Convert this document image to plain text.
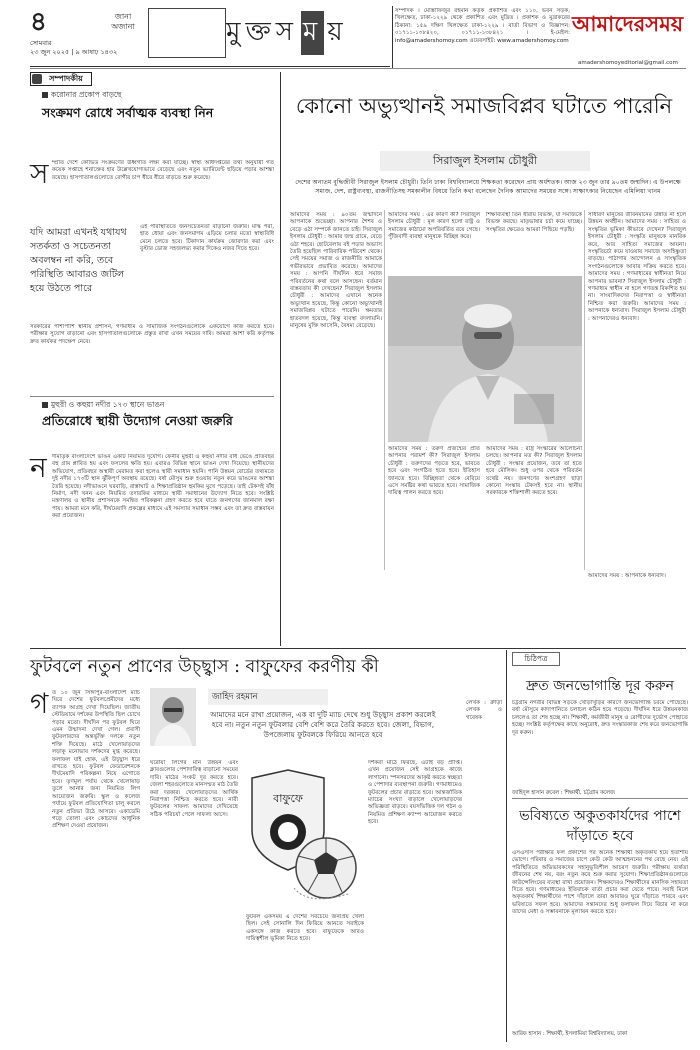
৪
সোমবার
২৩ জুন ২০২৫ | ৯ আষাঢ় ১৪৩২
জানা
অজানা	মু ক্ত স ম য়
সম্পাদক । মোস্তাফিজুর রহমান কর্তৃক প্রকাশিত এবং ১১০, ভবন সড়ক, খিলক্ষেত, ঢাকা-১২২৯ থেকে প্রকাশিত এবং মুদ্রিত । প্রকাশক ও মুদ্রাকরের ঠিকানা: ১৫৯ দক্ষিণ খিলক্ষেত ঢাকা-১২২৯ । বার্তা বিভাগ ও বিজ্ঞাপন: ০১৭১১-১৩৮৪২০, ০১৭১১-১৩৮৪২১ । ই-মেইল: info@amadershomoy.com ওয়েবসাইট: www.amadershomoy.com
আমাদেরসময়
amadershomoyeditorial@gmail.com
সম্পাদকীয়
করোনার প্রকোপ বাড়ছে
সংক্রমণ রোধে সর্বাত্মক ব্যবস্থা নিন
স ম্প্রতি দেশে কোভিড সংক্রমণের ঊর্ধ্বগতি লক্ষ্য করা যাচ্ছে। স্বাস্থ্য অধিদপ্তরের তথ্য অনুযায়ী গত কয়েক সপ্তাহে শনাক্তের হার উল্লেখযোগ্যভাবে বেড়েছে এবং নতুন ভ্যারিয়েন্ট ছড়িয়ে পড়ার আশঙ্কা রয়েছে। হাসপাতালগুলোতে রোগীর চাপ ধীরে ধীরে বাড়তে শুরু করেছে।
যদি আমরা এখনই যথাযথ সতর্কতা ও সচেতনতা অবলম্বন না করি, তবে পরিস্থিতি আবারও জটিল হয়ে উঠতে পারে
এই পরিস্থিতিতে জনসচেতনতা বাড়ানো জরুরি। মাস্ক পরা, হাত ধোয়া এবং জনসমাগম এড়িয়ে চলার মতো স্বাস্থ্যবিধি মেনে চলতে হবে। টিকাদান কার্যক্রম জোরদার করা এবং বুস্টার ডোজ সহজলভ্য করার দিকেও নজর দিতে হবে।
সরকারের পাশাপাশি স্থানীয় প্রশাসন, গণমাধ্যম ও সামাজিক সংগঠনগুলোকে একযোগে কাজ করতে হবে। পরীক্ষার সুযোগ বাড়ানো এবং হাসপাতালগুলোকে প্রস্তুত রাখা এখন সময়ের দাবি। আমরা আশা করি কর্তৃপক্ষ দ্রুত কার্যকর পদক্ষেপ নেবে।
মুহুরী ও কহুয়া নদীর ১৭৩ স্থানে ভাঙন
প্রতিরোধে স্থায়ী উদ্যোগ নেওয়া জরুরি
ন দীমাতৃক বাংলাদেশে ভাঙন একটি নিয়মিত দুর্যোগ। ফেনীর মুহুরী ও কহুয়া নদীর বাঁধ ভেঙে প্রতিবছর বহু গ্রাম প্লাবিত হয় এবং ফসলের ক্ষতি হয়। এবারও বিভিন্ন স্থানে ভাঙন দেখা দিয়েছে। স্থানীয়দের অভিযোগ, প্রতিবছর অস্থায়ী মেরামত করা হলেও স্থায়ী সমাধান হয়নি। পানি উন্নয়ন বোর্ডের তথ্যমতে দুই নদীর ১৭৩টি স্থান ঝুঁকিপূর্ণ অবস্থায় রয়েছে। বর্ষা মৌসুম শুরু হওয়ায় নতুন করে ভাঙনের আশঙ্কা তৈরি হয়েছে। নদীভাঙনে ঘরবাড়ি, রাস্তাঘাট ও শিক্ষাপ্রতিষ্ঠান হুমকির মুখে পড়েছে। তাই টেকসই বাঁধ নির্মাণ, নদী খনন এবং নিয়মিত তদারকির মাধ্যমে স্থায়ী সমাধানের উদ্যোগ নিতে হবে। সংশ্লিষ্ট মন্ত্রণালয় ও স্থানীয় প্রশাসনকে সমন্বিত পরিকল্পনা গ্রহণ করতে হবে যাতে জনগণের জানমাল রক্ষা পায়। আমরা মনে করি, দীর্ঘমেয়াদি প্রকল্পের মাধ্যমে এই সমস্যার সমাধান সম্ভব এবং তা দ্রুত বাস্তবায়ন করা প্রয়োজন।
কোনো অভ্যুত্থানই সমাজবিপ্লব ঘটাতে পারেনি
সিরাজুল ইসলাম চৌধুরী
দেশের অন্যতম বুদ্ধিজীবী সিরাজুল ইসলাম চৌধুরী। তিনি ঢাকা বিশ্ববিদ্যালয়ে শিক্ষকতা করেছেন প্রায় অর্ধশতক। আজ ২৩ জুন তার ৯০তম জন্মদিন। এ উপলক্ষে সমাজ, দেশ, রাষ্ট্রব্যবস্থা, রাজনীতিসহ সমকালীন বিষয়ে তিনি কথা বলেছেন দৈনিক আমাদের সময়ের সঙ্গে। সাক্ষাৎকার নিয়েছেন এমিলিয়া খানম
আমাদের সময় : ৯০তম জন্মদিনে আপনাকে শুভেচ্ছা। আপনার শৈশব ও বেড়ে ওঠা সম্পর্কে জানতে চাই। সিরাজুল ইসলাম চৌধুরী : আমার জন্ম গ্রামে, বেড়ে ওঠা শহরে। ছোটবেলায় বই পড়ার অভ্যাস তৈরি হয়েছিল পারিবারিক পরিবেশ থেকে। সেই সময়ের সমাজ ও রাজনীতি আমাকে গভীরভাবে প্রভাবিত করেছে। আমাদের সময় : আপনি দীর্ঘদিন ধরে সমাজ পরিবর্তনের কথা বলে আসছেন। বর্তমান বাস্তবতায় কী দেখছেন? সিরাজুল ইসলাম চৌধুরী : আমাদের এখানে অনেক অভ্যুত্থান হয়েছে, কিন্তু কোনো অভ্যুত্থানই সমাজবিপ্লব ঘটাতে পারেনি। ক্ষমতার হাতবদল হয়েছে, কিন্তু ব্যবস্থা বদলায়নি। মানুষের মুক্তি আসেনি, বৈষম্য বেড়েছে।
আমাদের সময় : এর কারণ কী? সিরাজুল ইসলাম চৌধুরী : মূল কারণ হলো রাষ্ট্র ও সমাজের কাঠামো অপরিবর্তিত রয়ে গেছে। পুঁজিবাদী ব্যবস্থা মানুষকে বিচ্ছিন্ন করে।
শিক্ষাব্যবস্থা তিন ধারায় বিভক্ত, যা সমাজকে বিভক্ত করছে। মাতৃভাষার চর্চা কমে যাচ্ছে। সংস্কৃতির ক্ষেত্রেও আমরা পিছিয়ে পড়ছি।
আমাদের সময় : তরুণ প্রজন্মের প্রতি আপনার পরামর্শ কী? সিরাজুল ইসলাম চৌধুরী : তরুণদের পড়তে হবে, ভাবতে হবে এবং সংগঠিত হতে হবে। ইতিহাস জানতে হবে। বিচ্ছিন্নতা থেকে বেরিয়ে এসে সমষ্টির কথা ভাবতে হবে। সামাজিক দায়িত্ব পালন করতে হবে।
আমাদের সময় : রাষ্ট্র সংস্কারের আলোচনা চলছে। আপনার মত কী? সিরাজুল ইসলাম চৌধুরী : সংস্কার প্রয়োজন, তবে তা হতে হবে মৌলিক। শুধু ওপর থেকে পরিবর্তন যথেষ্ট নয়। জনগণের অংশগ্রহণ ছাড়া কোনো সংস্কার টেকসই হবে না। স্থানীয় সরকারকে শক্তিশালী করতে হবে।
সাধারণ মানুষের জীবনমানের উন্নতি না হলে উন্নয়ন অর্থহীন। আমাদের সময় : সাহিত্য ও সংস্কৃতির ভূমিকা কীভাবে দেখেন? সিরাজুল ইসলাম চৌধুরী : সংস্কৃতি মানুষকে মানবিক করে, আর সাহিত্য সমাজের আয়না। সংস্কৃতিচর্চা কমে যাওয়ায় সমাজে অসহিষ্ণুতা বাড়ছে। পাঠাগার আন্দোলন ও সাংস্কৃতিক সংগঠনগুলোকে আবার সক্রিয় করতে হবে। আমাদের সময় : গণমাধ্যমের স্বাধীনতা নিয়ে আপনার ভাবনা? সিরাজুল ইসলাম চৌধুরী : গণমাধ্যম স্বাধীন না হলে গণতন্ত্র বিকশিত হয় না। সাংবাদিকদের নিরাপত্তা ও স্বাধীনতা নিশ্চিত করা জরুরি। আমাদের সময় : আপনাকে ধন্যবাদ। সিরাজুল ইসলাম চৌধুরী : আপনাদেরও ধন্যবাদ।
আমাদের সময় : আপনাকে ধন্যবাদ।
ফুটবলে নতুন প্রাণের উচ্ছ্বাস : বাফুফের করণীয় কী
জাহিদ রহমান
আমাদের মনে রাখা প্রয়োজন, এক বা দুটি ম্যাচ দেখে শুধু উচ্ছ্বাস প্রকাশ করলেই হবে না। নতুন নতুন ফুটবলার বেশি বেশি করে তৈরি করতে হবে। জেলা, বিভাগ, উপজেলায় ফুটবলকে ফিরিয়ে আনতে হবে
গ ত ১০ জুন সিঙ্গাপুর-বাংলাদেশ ম্যাচ ঘিরে দেশের ফুটবলপ্রেমীদের মধ্যে ব্যাপক আগ্রহ দেখা দিয়েছিল। জাতীয় স্টেডিয়ামে দর্শকের উপস্থিতি ছিল চোখে পড়ার মতো। দীর্ঘদিন পর ফুটবল ঘিরে এমন উন্মাদনা দেখা গেল। প্রবাসী ফুটবলারদের অন্তর্ভুক্তি দলকে নতুন শক্তি দিয়েছে। মাঠে খেলোয়াড়দের লড়াকু মনোভাব দর্শকদের মুগ্ধ করেছে। ফলাফল যাই হোক, এই উচ্ছ্বাস ধরে রাখতে হবে। ফুটবল ফেডারেশনকে দীর্ঘমেয়াদি পরিকল্পনা নিয়ে এগোতে হবে। তৃণমূল পর্যায় থেকে খেলোয়াড় তুলে আনার জন্য নিয়মিত লিগ আয়োজন জরুরি। স্কুল ও কলেজ পর্যায়ে ফুটবল প্রতিযোগিতা চালু করলে নতুন প্রতিভা উঠে আসবে। একাডেমি গড়ে তোলা এবং কোচদের আধুনিক প্রশিক্ষণ দেওয়া প্রয়োজন।
ঘরোয়া লিগের মান উন্নয়ন এবং ক্লাবগুলোর পেশাদারিত্ব বাড়ানো সময়ের দাবি। মাঠের সংকট দূর করতে হবে। জেলা শহরগুলোতে মানসম্মত মাঠ তৈরি করা দরকার। খেলোয়াড়দের আর্থিক নিরাপত্তা নিশ্চিত করতে হবে। নারী ফুটবলের সাফল্য আমাদের দেখিয়েছে সঠিক পরিচর্যা পেলে সাফল্য আসে।
বাফুফে
দর্শকরা মাঠে ফিরছে, এটাই বড় প্রাপ্তি। এখন প্রয়োজন সেই আগ্রহকে কাজে লাগানো। স্পনসরদের আকৃষ্ট করতে স্বচ্ছতা ও পেশাদার ব্যবস্থাপনা জরুরি। গণমাধ্যমেও ফুটবলের প্রচার বাড়াতে হবে। আন্তর্জাতিক ম্যাচের সংখ্যা বাড়ালে খেলোয়াড়দের অভিজ্ঞতা বাড়বে। বয়সভিত্তিক দল গঠন ও নিয়মিত প্রশিক্ষণ ক্যাম্প আয়োজন করতে হবে।
ফুটবল একসময় এ দেশের সবচেয়ে জনপ্রিয় খেলা ছিল। সেই সোনালি দিন ফিরিয়ে আনতে সবাইকে একসঙ্গে কাজ করতে হবে। বাফুফেকে আরও দায়িত্বশীল ভূমিকা নিতে হবে।
লেখক : ক্রীড়া লেখক ও গবেষক
চিঠিপত্র
দ্রুত জনভোগান্তি দূর করুন
চট্টগ্রাম নগরীর বিভিন্ন সড়কে খোঁড়াখুঁড়ির কারণে জনভোগান্তি চরমে পৌঁছেছে। বর্ষা মৌসুমে কাদাপানিতে চলাচল কঠিন হয়ে পড়েছে। দীর্ঘদিন ধরে উন্নয়নকাজ চললেও তা শেষ হচ্ছে না। শিক্ষার্থী, কর্মজীবী মানুষ ও রোগীদের দুর্ভোগ পোহাতে হচ্ছে। সংশ্লিষ্ট কর্তৃপক্ষের কাছে অনুরোধ, দ্রুত সংস্কারকাজ শেষ করে জনভোগান্তি দূর করুন।
জাহিদুল হাসান রুবেল : শিক্ষার্থী, চট্টগ্রাম কলেজ
ভবিষ্যতে অকুতকার্যদের পাশে দাঁড়াতে হবে
এসএসসি পরীক্ষার ফল প্রকাশের পর অনেক শিক্ষার্থী অকৃতকার্য হয়ে হতাশায় ভোগে। পরিবার ও সমাজের চাপে কেউ কেউ আত্মহননের পথ বেছে নেয়। এই পরিস্থিতিতে অভিভাবকদের সহানুভূতিশীল আচরণ জরুরি। পরীক্ষায় ব্যর্থতা জীবনের শেষ নয়, বরং নতুন করে শুরু করার সুযোগ। শিক্ষাপ্রতিষ্ঠানগুলোতে কাউন্সেলিংয়ের ব্যবস্থা রাখা প্রয়োজন। শিক্ষকদেরও শিক্ষার্থীদের মানসিক সহায়তা দিতে হবে। গণমাধ্যমেও ইতিবাচক বার্তা প্রচার করা যেতে পারে। সবাই মিলে অকৃতকার্য শিক্ষার্থীদের পাশে দাঁড়ালে তারা আবারও ঘুরে দাঁড়াতে পারবে এবং ভবিষ্যতে সফল হবে। আমাদের সন্তানদের শুধু ফলাফল দিয়ে বিচার না করে তাদের মেধা ও সম্ভাবনাকে মূল্যায়ন করতে হবে।
আরিফ হাসান : শিক্ষার্থী, ইসলামিয়া বিশ্ববিদ্যালয়, ঢাকা
